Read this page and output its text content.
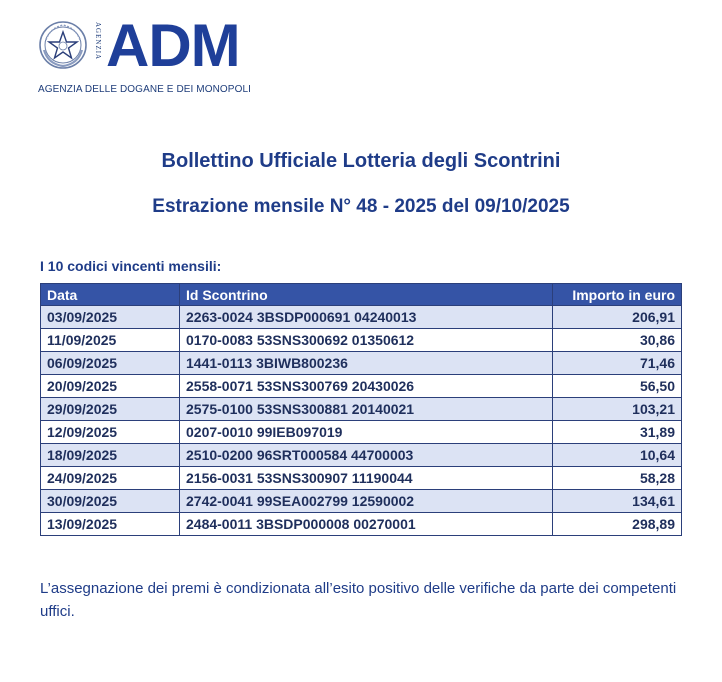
AGENZIA ADM
AGENZIA DELLE DOGANE E DEI MONOPOLI
Bollettino Ufficiale Lotteria degli Scontrini
Estrazione mensile N° 48 - 2025 del 09/10/2025
I 10 codici vincenti mensili:
Data	Id Scontrino	Importo in euro
03/09/2025	2263-0024 3BSDP000691 04240013	206,91
11/09/2025	0170-0083 53SNS300692 01350612	30,86
06/09/2025	1441-0113 3BIWB800236	71,46
20/09/2025	2558-0071 53SNS300769 20430026	56,50
29/09/2025	2575-0100 53SNS300881 20140021	103,21
12/09/2025	0207-0010 99IEB097019	31,89
18/09/2025	2510-0200 96SRT000584 44700003	10,64
24/09/2025	2156-0031 53SNS300907 11190044	58,28
30/09/2025	2742-0041 99SEA002799 12590002	134,61
13/09/2025	2484-0011 3BSDP000008 00270001	298,89
L’assegnazione dei premi è condizionata all’esito positivo delle verifiche da parte dei competenti uffici.
